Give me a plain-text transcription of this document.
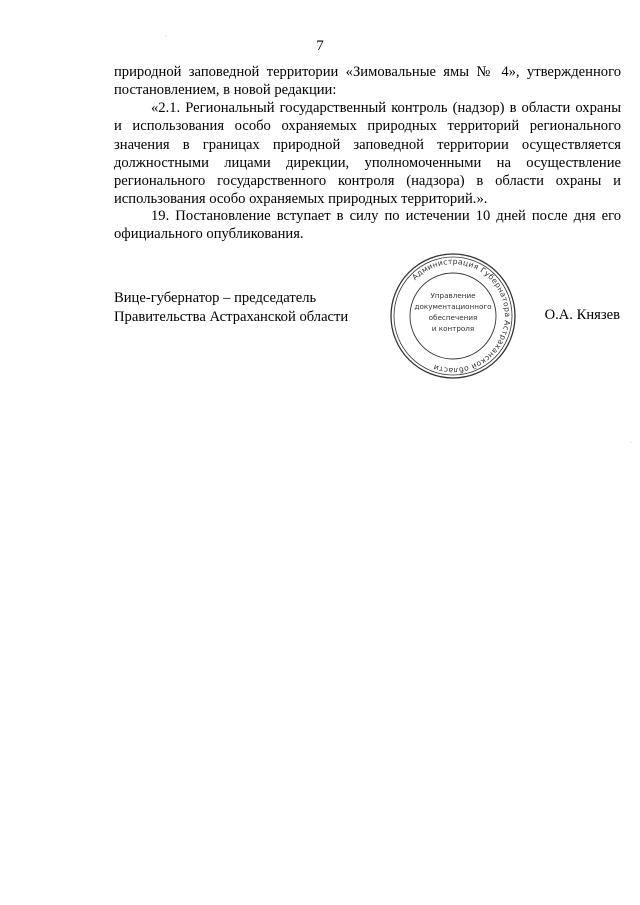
7

природной заповедной территории «Зимовальные ямы № 4», утвержденного постановлением, в новой редакции:

«2.1. Региональный государственный контроль (надзор) в области охраны и использования особо охраняемых природных территорий регионального значения в границах природной заповедной территории осуществляется должностными лицами дирекции, уполномоченными на осуществление регионального государственного контроля (надзора) в области охраны и использования особо охраняемых природных территорий.».

19. Постановление вступает в силу по истечении 10 дней после дня его официального опубликования.

Вице-губернатор – председатель
Правительства Астраханской области
Администрация Губернатора Астраханской области
Управление
документационного
обеспечения
и контроля
О.А. Князев
·
·
